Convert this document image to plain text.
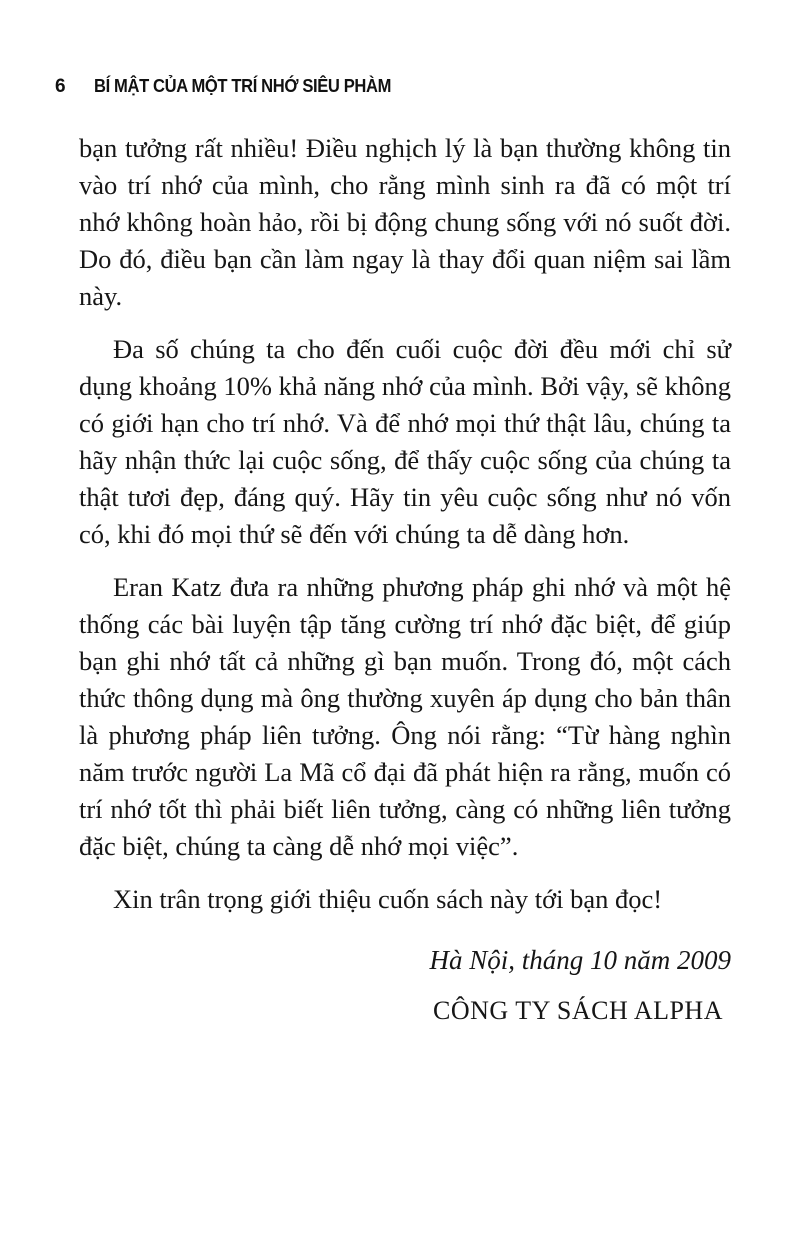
6 BÍ MẬT CỦA MỘT TRÍ NHỚ SIÊU PHÀM

bạn tưởng rất nhiều! Điều nghịch lý là bạn thường không tin vào trí nhớ của mình, cho rằng mình sinh ra đã có một trí nhớ không hoàn hảo, rồi bị động chung sống với nó suốt đời. Do đó, điều bạn cần làm ngay là thay đổi quan niệm sai lầm này.

Đa số chúng ta cho đến cuối cuộc đời đều mới chỉ sử dụng khoảng 10% khả năng nhớ của mình. Bởi vậy, sẽ không có giới hạn cho trí nhớ. Và để nhớ mọi thứ thật lâu, chúng ta hãy nhận thức lại cuộc sống, để thấy cuộc sống của chúng ta thật tươi đẹp, đáng quý. Hãy tin yêu cuộc sống như nó vốn có, khi đó mọi thứ sẽ đến với chúng ta dễ dàng hơn.

Eran Katz đưa ra những phương pháp ghi nhớ và một hệ thống các bài luyện tập tăng cường trí nhớ đặc biệt, để giúp bạn ghi nhớ tất cả những gì bạn muốn. Trong đó, một cách thức thông dụng mà ông thường xuyên áp dụng cho bản thân là phương pháp liên tưởng. Ông nói rằng: “Từ hàng nghìn năm trước người La Mã cổ đại đã phát hiện ra rằng, muốn có trí nhớ tốt thì phải biết liên tưởng, càng có những liên tưởng đặc biệt, chúng ta càng dễ nhớ mọi việc”.

Xin trân trọng giới thiệu cuốn sách này tới bạn đọc!

Hà Nội, tháng 10 năm 2009
CÔNG TY SÁCH ALPHA
